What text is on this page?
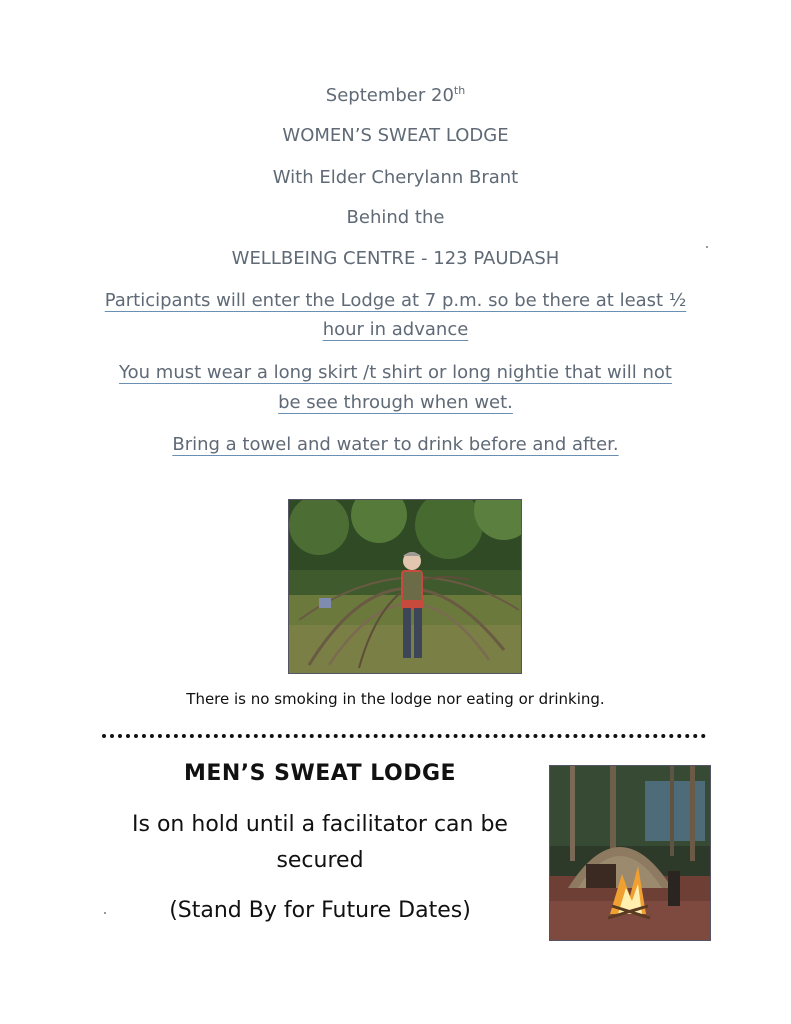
September 20th
WOMEN’S SWEAT LODGE
With Elder Cherylann Brant
Behind the
WELLBEING CENTRE - 123 PAUDASH
Participants will enter the Lodge at 7 p.m. so be there at least ½
hour in advance
You must wear a long skirt /t shirt or long nightie that will not
be see through when wet.
Bring a towel and water to drink before and after.
There is no smoking in the lodge nor eating or drinking.
MEN’S SWEAT LODGE
Is on hold until a facilitator can be
secured
(Stand By for Future Dates)
